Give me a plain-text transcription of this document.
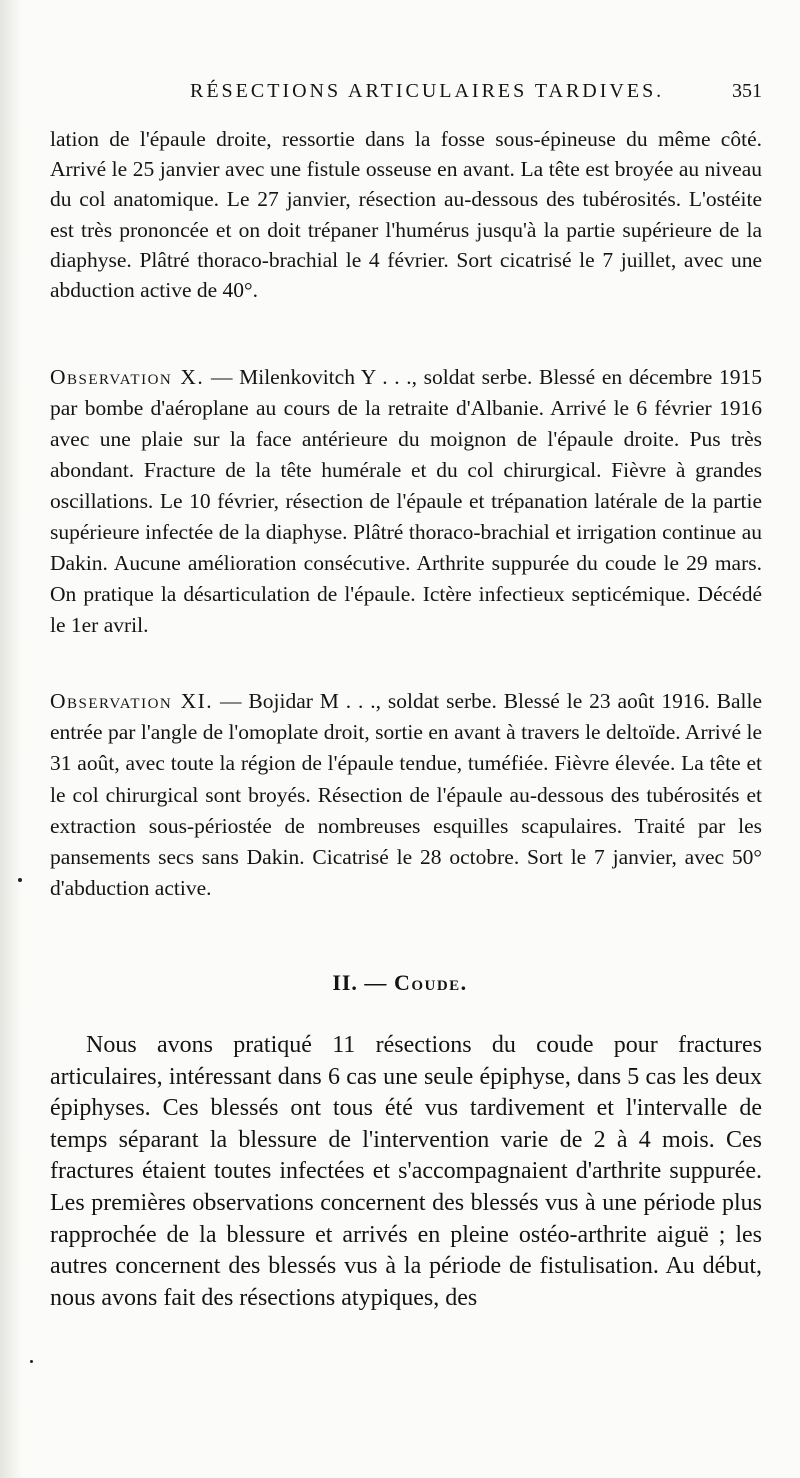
RÉSECTIONS ARTICULAIRES TARDIVES.	351

lation de l'épaule droite, ressortie dans la fosse sous-épineuse du même côté. Arrivé le 25 janvier avec une fistule osseuse en avant. La tête est broyée au niveau du col anatomique. Le 27 janvier, résection au-dessous des tubérosités. L'ostéite est très prononcée et on doit trépaner l'humérus jusqu'à la partie supérieure de la diaphyse. Plâtré thoraco-brachial le 4 février. Sort cicatrisé le 7 juillet, avec une abduction active de 40°.

Observation X. — Milenkovitch Y . . ., soldat serbe. Blessé en décembre 1915 par bombe d'aéroplane au cours de la retraite d'Albanie. Arrivé le 6 février 1916 avec une plaie sur la face antérieure du moignon de l'épaule droite. Pus très abondant. Fracture de la tête humérale et du col chirurgical. Fièvre à grandes oscillations. Le 10 février, résection de l'épaule et trépanation latérale de la partie supérieure infectée de la diaphyse. Plâtré thoraco-brachial et irrigation continue au Dakin. Aucune amélioration consécutive. Arthrite suppurée du coude le 29 mars. On pratique la désarticulation de l'épaule. Ictère infectieux septicémique. Décédé le 1er avril.

Observation XI. — Bojidar M . . ., soldat serbe. Blessé le 23 août 1916. Balle entrée par l'angle de l'omoplate droit, sortie en avant à travers le deltoïde. Arrivé le 31 août, avec toute la région de l'épaule tendue, tuméfiée. Fièvre élevée. La tête et le col chirurgical sont broyés. Résection de l'épaule au-dessous des tubérosités et extraction sous-périostée de nombreuses esquilles scapulaires. Traité par les pansements secs sans Dakin. Cicatrisé le 28 octobre. Sort le 7 janvier, avec 50° d'abduction active.

II. — Coude.

Nous avons pratiqué 11 résections du coude pour fractures articulaires, intéressant dans 6 cas une seule épiphyse, dans 5 cas les deux épiphyses. Ces blessés ont tous été vus tardivement et l'intervalle de temps séparant la blessure de l'intervention varie de 2 à 4 mois. Ces fractures étaient toutes infectées et s'accompagnaient d'arthrite suppurée. Les premières observations concernent des blessés vus à une période plus rapprochée de la blessure et arrivés en pleine ostéo-arthrite aiguë ; les autres concernent des blessés vus à la période de fistulisation. Au début, nous avons fait des résections atypiques, des
